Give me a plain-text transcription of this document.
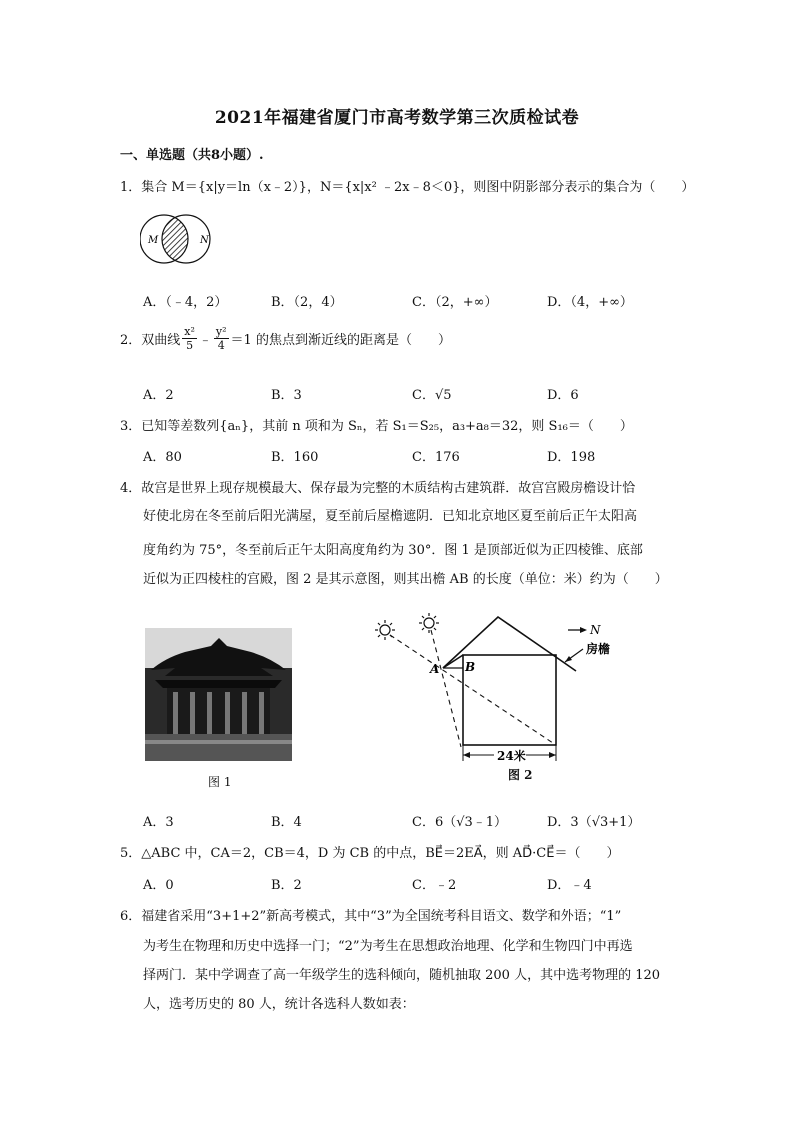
2021年福建省厦门市高考数学第三次质检试卷
一、单选题（共8小题）.
1．集合 M＝{x|y＝ln（x﹣2）}，N＝{x|x² ﹣2x﹣8＜0}，则图中阴影部分表示的集合为（　　）
M	N
A．（﹣4，2）	B．（2，4）	C．（2，+∞）	D．（4，+∞）
2．双曲线 $\frac{\text{x²}}{5}$ ﹣ $\frac{\text{y²}}{4} =1$ 的焦点到渐近线的距离是（　　）
A．2	B．3	C．√5	D．6
3．已知等差数列{aₙ}，其前 n 项和为 Sₙ，若 S₁＝S₂₅，a₃+a₈＝32，则 S₁₆＝（　　）
A．80	B．160	C．176	D．198
4．故宫是世界上现存规模最大、保存最为完整的木质结构古建筑群．故宫宫殿房檐设计恰
好使北房在冬至前后阳光满屋，夏至前后屋檐遮阴．已知北京地区夏至前后正午太阳高
度角约为 75°，冬至前后正午太阳高度角约为 30°．图 1 是顶部近似为正四棱锥、底部
近似为正四棱柱的宫殿，图 2 是其示意图，则其出檐 AB 的长度（单位：米）约为（　　）
图 1
A B
24米
N
房檐
图 2
A．3	B．4	C．6（√3﹣1）	D．3（√3+1）
5．△ABC 中，CA＝2，CB＝4，D 为 CB 的中点，BE⃗＝2EA⃗，则 AD⃗·CE⃗＝（　　）
A．0	B．2	C．﹣2	D．﹣4
6．福建省采用“3+1+2”新高考模式，其中“3”为全国统考科目语文、数学和外语；“1”
为考生在物理和历史中选择一门；“2”为考生在思想政治地理、化学和生物四门中再选
择两门．某中学调查了高一年级学生的选科倾向，随机抽取 200 人，其中选考物理的 120
人，选考历史的 80 人，统计各选科人数如表：
